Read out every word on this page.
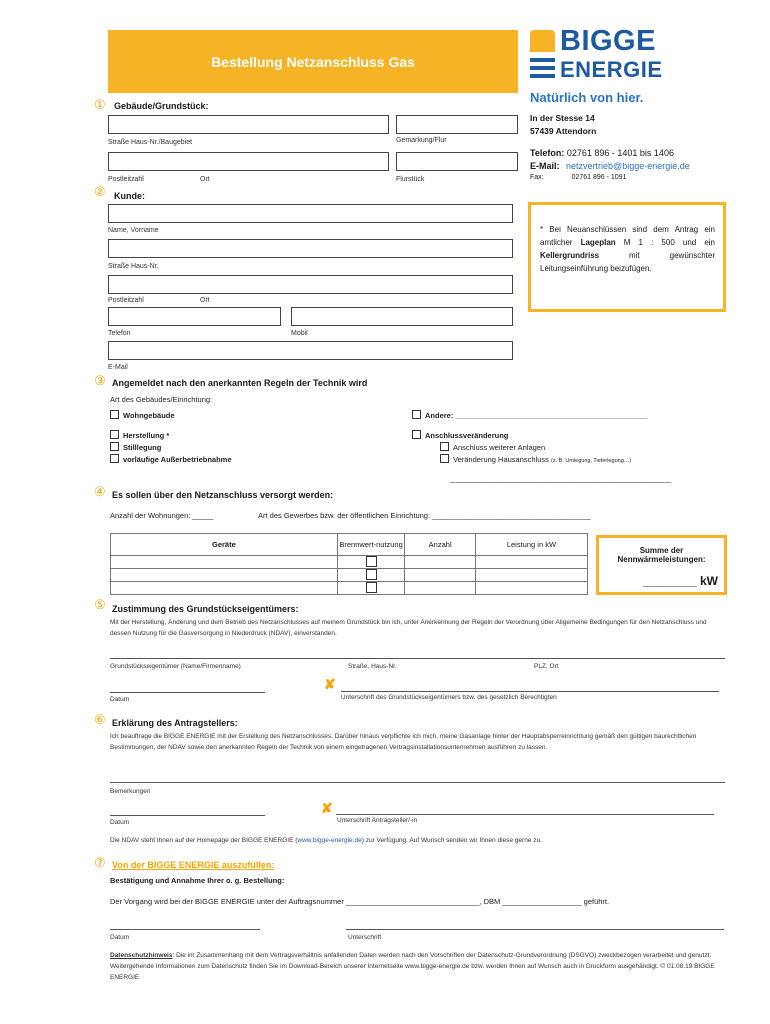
Bestellung Netzanschluss Gas
BIGGE
ENERGIE
Natürlich von hier.
In der Stesse 14
57439 Attendorn
Telefon: 02761 896 - 1401 bis 1406
E-Mail: netzvertrieb@bigge-energie.de
Fax:	02761 896 - 1091
① Gebäude/Grundstück:
Straße Haus-Nr./Baugebiet	Gemarkung/Flur
Postleitzahl	Ort	Flurstück
② Kunde:
Name, Vorname
Straße Haus-Nr.
Postleitzahl	Ort
Telefon	Mobil
E-Mail
* Bei Neuanschlüssen sind dem Antrag ein amtlicher Lageplan M 1 : 500 und ein Kellergrundriss mit gewünschter Leitungseinführung beizufügen.
③ Angemeldet nach den anerkannten Regeln der Technik wird
Art des Gebäudes/Einrichtung:
Wohngebäude	Andere: ______________________________________________
Herstellung *
Stilllegung
vorläufige Außerbetriebnahme
Anschlussveränderung
Anschluss weiterer Anlagen
Veränderung Hausanschluss (z. B. Umlegung, Tieferlegung…)
_____________________________________________________
④ Es sollen über den Netzanschluss versorgt werden:
Anzahl der Wohnungen: _____	Art des Gewerbes bzw. der öffentlichen Einrichtung: ______________________________________
Geräte	Brennwert-nutzung	Anzahl	Leistung in kW

Summe der Nennwärmeleistungen:
________ kW
⑤ Zustimmung des Grundstückseigentümers:
Mit der Herstellung, Änderung und dem Betrieb des Netzanschlusses auf meinem Grundstück bin ich, unter Anerkennung der Regeln der Verordnung über Allgemeine Bedingungen für den Netzanschluss und dessen Nutzung für die Gasversorgung in Niederdruck (NDAV), einverstanden.
Grundstückseigentümer (Name/Firmenname)	Straße, Haus-Nr.	PLZ, Ort
Datum
✘
Unterschrift des Grundstückseigentümers bzw. des gesetzlich Berechtigten
⑥ Erklärung des Antragstellers:
Ich beauftrage die BIGGE ENERGIE mit der Erstellung des Netzanschlusses. Darüber hinaus verpflichte ich mich, meine Gasanlage hinter der Hauptabsperreinrichtung gemäß den gültigen baurechtlichen Bestimmungen, der NDAV sowie den anerkannten Regeln der Technik von einem eingetragenen Vertragsinstallationsunternehmen ausführen zu lassen.
Bemerkungen
Datum
✘
Unterschrift Antragsteller/-in
Die NDAV steht Ihnen auf der Homepage der BIGGE ENERGIE (www.bigge-energie.de) zur Verfügung. Auf Wunsch senden wir Ihnen diese gerne zu.
⑦ Von der BIGGE ENERGIE auszufüllen:
Bestätigung und Annahme Ihrer o. g. Bestellung:
Der Vorgang wird bei der BIGGE ENERGIE unter der Auftragsnummer ________________________________, DBM ___________________ geführt.
Datum	Unterschrift
Datenschutzhinweis: Die im Zusammenhang mit dem Vertragsverhältnis anfallenden Daten werden nach den Vorschriften der Datenschutz-Grundverordnung (DSGVO) zweckbezogen verarbeitet und genutzt. Weitergehende Informationen zum Datenschutz finden Sie im Download-Bereich unserer Internetseite www.bigge-energie.de bzw. werden Ihnen auf Wunsch auch in Druckform ausgehändigt. © 01.08.19 BIGGE ENERGIE
